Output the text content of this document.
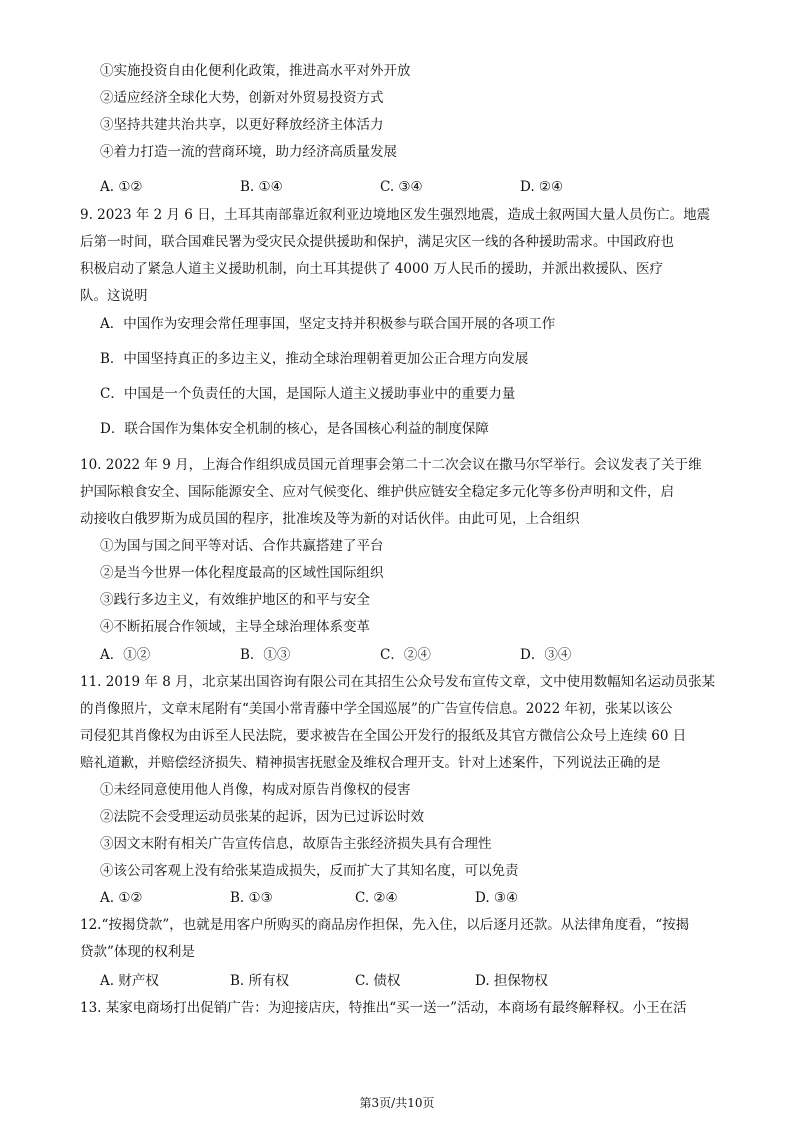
①实施投资自由化便利化政策，推进高水平对外开放
②适应经济全球化大势，创新对外贸易投资方式
③坚持共建共治共享，以更好释放经济主体活力
④着力打造一流的营商环境，助力经济高质量发展
A. ①②	B. ①④	C. ③④	D. ②④
9. 2023 年 2 月 6 日，土耳其南部靠近叙利亚边境地区发生强烈地震，造成土叙两国大量人员伤亡。地震
后第一时间，联合国难民署为受灾民众提供援助和保护，满足灾区一线的各种援助需求。中国政府也
积极启动了紧急人道主义援助机制，向土耳其提供了 4000 万人民币的援助，并派出救援队、医疗
队。这说明
A．中国作为安理会常任理事国，坚定支持并积极参与联合国开展的各项工作
B．中国坚持真正的多边主义，推动全球治理朝着更加公正合理方向发展
C．中国是一个负责任的大国，是国际人道主义援助事业中的重要力量
D．联合国作为集体安全机制的核心，是各国核心利益的制度保障
10. 2022 年 9 月，上海合作组织成员国元首理事会第二十二次会议在撒马尔罕举行。会议发表了关于维
护国际粮食安全、国际能源安全、应对气候变化、维护供应链安全稳定多元化等多份声明和文件，启
动接收白俄罗斯为成员国的程序，批准埃及等为新的对话伙伴。由此可见，上合组织
①为国与国之间平等对话、合作共赢搭建了平台
②是当今世界一体化程度最高的区域性国际组织
③践行多边主义，有效维护地区的和平与安全
④不断拓展合作领域，主导全球治理体系变革
A．①②	B．①③	C．②④	D．③④
11. 2019 年 8 月，北京某出国咨询有限公司在其招生公众号发布宣传文章，文中使用数幅知名运动员张某
的肖像照片，文章末尾附有“美国小常青藤中学全国巡展”的广告宣传信息。2022 年初，张某以该公
司侵犯其肖像权为由诉至人民法院，要求被告在全国公开发行的报纸及其官方微信公众号上连续 60 日
赔礼道歉，并赔偿经济损失、精神损害抚慰金及维权合理开支。针对上述案件，下列说法正确的是
①未经同意使用他人肖像，构成对原告肖像权的侵害
②法院不会受理运动员张某的起诉，因为已过诉讼时效
③因文末附有相关广告宣传信息，故原告主张经济损失具有合理性
④该公司客观上没有给张某造成损失，反而扩大了其知名度，可以免责
A. ①②	B. ①③	C. ②④	D. ③④
12.“按揭贷款”，也就是用客户所购买的商品房作担保，先入住，以后逐月还款。从法律角度看，“按揭
贷款”体现的权利是
A. 财产权	B. 所有权	C. 债权	D. 担保物权
13. 某家电商场打出促销广告：为迎接店庆，特推出“买一送一”活动，本商场有最终解释权。小王在活
第3页/共10页
